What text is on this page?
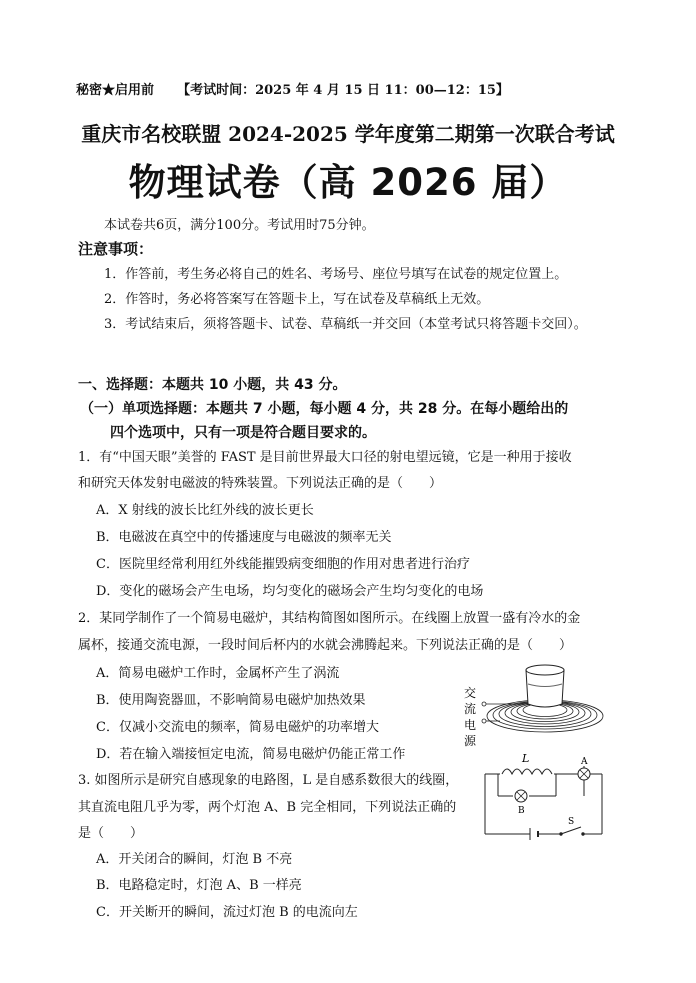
秘密★启用前 【考试时间：2025 年 4 月 15 日 11：00—12：15】
重庆市名校联盟 2024-2025 学年度第二期第一次联合考试
物理试卷（高 2026 届）
本试卷共6页，满分100分。考试用时75分钟。
注意事项：
1．作答前，考生务必将自己的姓名、考场号、座位号填写在试卷的规定位置上。
2．作答时，务必将答案写在答题卡上，写在试卷及草稿纸上无效。
3．考试结束后，须将答题卡、试卷、草稿纸一并交回（本堂考试只将答题卡交回）。
一、选择题：本题共 10 小题，共 43 分。
（一）单项选择题：本题共 7 小题，每小题 4 分，共 28 分。在每小题给出的
四个选项中，只有一项是符合题目要求的。
1．有“中国天眼”美誉的 FAST 是目前世界最大口径的射电望远镜，它是一种用于接收
和研究天体发射电磁波的特殊装置。下列说法正确的是（　　）
A．X 射线的波长比红外线的波长更长
B．电磁波在真空中的传播速度与电磁波的频率无关
C．医院里经常利用红外线能摧毁病变细胞的作用对患者进行治疗
D．变化的磁场会产生电场，均匀变化的磁场会产生均匀变化的电场
2．某同学制作了一个简易电磁炉，其结构简图如图所示。在线圈上放置一盛有冷水的金
属杯，接通交流电源，一段时间后杯内的水就会沸腾起来。下列说法正确的是（　　）
A．简易电磁炉工作时，金属杯产生了涡流
B．使用陶瓷器皿，不影响简易电磁炉加热效果
C．仅减小交流电的频率，简易电磁炉的功率增大
D．若在输入端接恒定电流，简易电磁炉仍能正常工作
交
流
电
源
3. 如图所示是研究自感现象的电路图，L 是自感系数很大的线圈，
其直流电阻几乎为零，两个灯泡 A、B 完全相同，下列说法正确的
是（　　）
A．开关闭合的瞬间，灯泡 B 不亮
B．电路稳定时，灯泡 A、B 一样亮
C．开关断开的瞬间，流过灯泡 B 的电流向左
L	A
B
S
